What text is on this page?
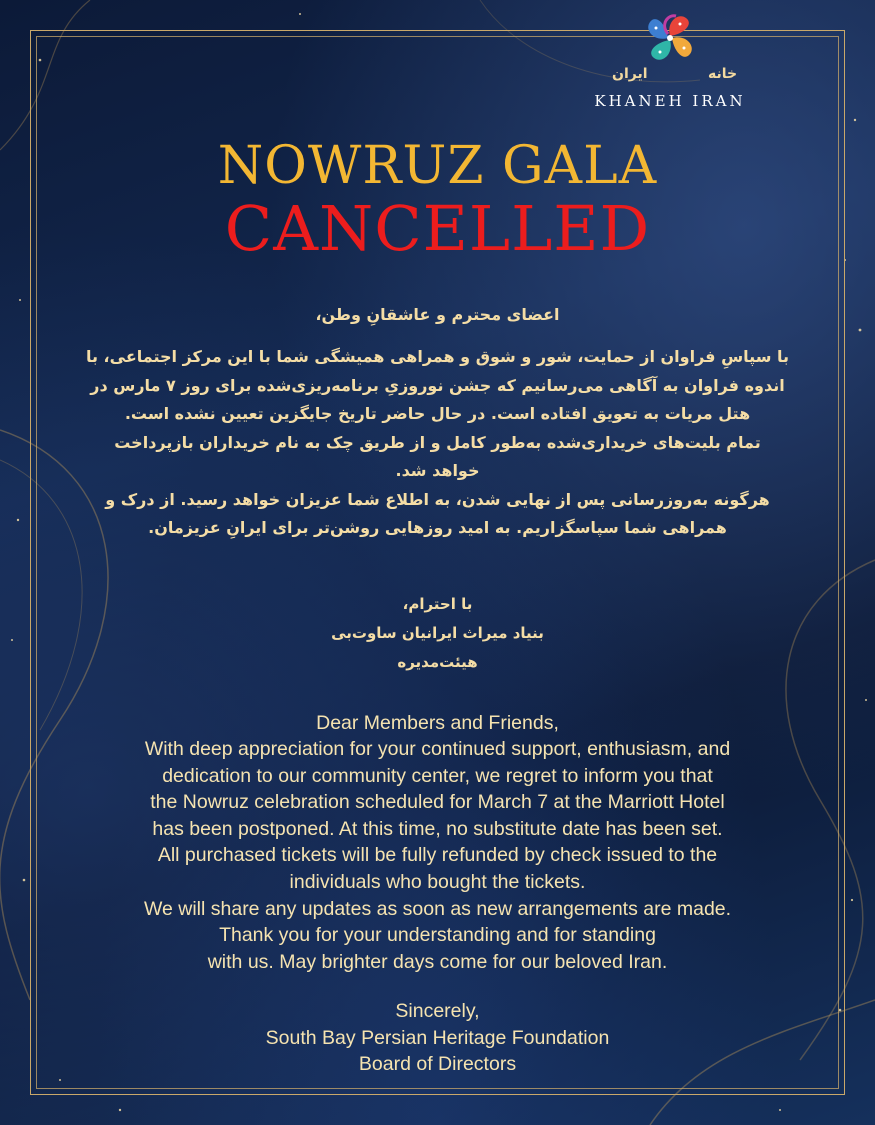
ایران	خانه
KHANEH IRAN
NOWRUZ GALA
CANCELLED
اعضای محترم و عاشقانِ وطن،

با سپاسِ فراوان از حمایت، شور و شوق و همراهی همیشگی شما با این مرکز اجتماعی، با

اندوه فراوان به آگاهی می‌رسانیم که جشن نوروزیِ برنامه‌ریزی‌شده برای روز ۷ مارس در

هتل مریات به تعویق افتاده است. در حال حاضر تاریخ جایگزین تعیین نشده است.

تمام بلیت‌های خریداری‌شده به‌طور کامل و از طریق چک به نام خریداران بازپرداخت

خواهد شد.

هرگونه به‌روزرسانی پس از نهایی شدن، به اطلاع شما عزیزان خواهد رسید. از درک و

همراهی شما سپاسگزاریم. به امید روزهایی روشن‌تر برای ایرانِ عزیزمان.

با احترام،

بنیاد میراث ایرانیان ساوت‌بی

هیئت‌مدیره

Dear Members and Friends,

With deep appreciation for your continued support, enthusiasm, and

dedication to our community center, we regret to inform you that

the Nowruz celebration scheduled for March 7 at the Marriott Hotel

has been postponed. At this time, no substitute date has been set.

All purchased tickets will be fully refunded by check issued to the

individuals who bought the tickets.

We will share any updates as soon as new arrangements are made.

Thank you for your understanding and for standing

with us. May brighter days come for our beloved Iran.

Sincerely,

South Bay Persian Heritage Foundation

Board of Directors
